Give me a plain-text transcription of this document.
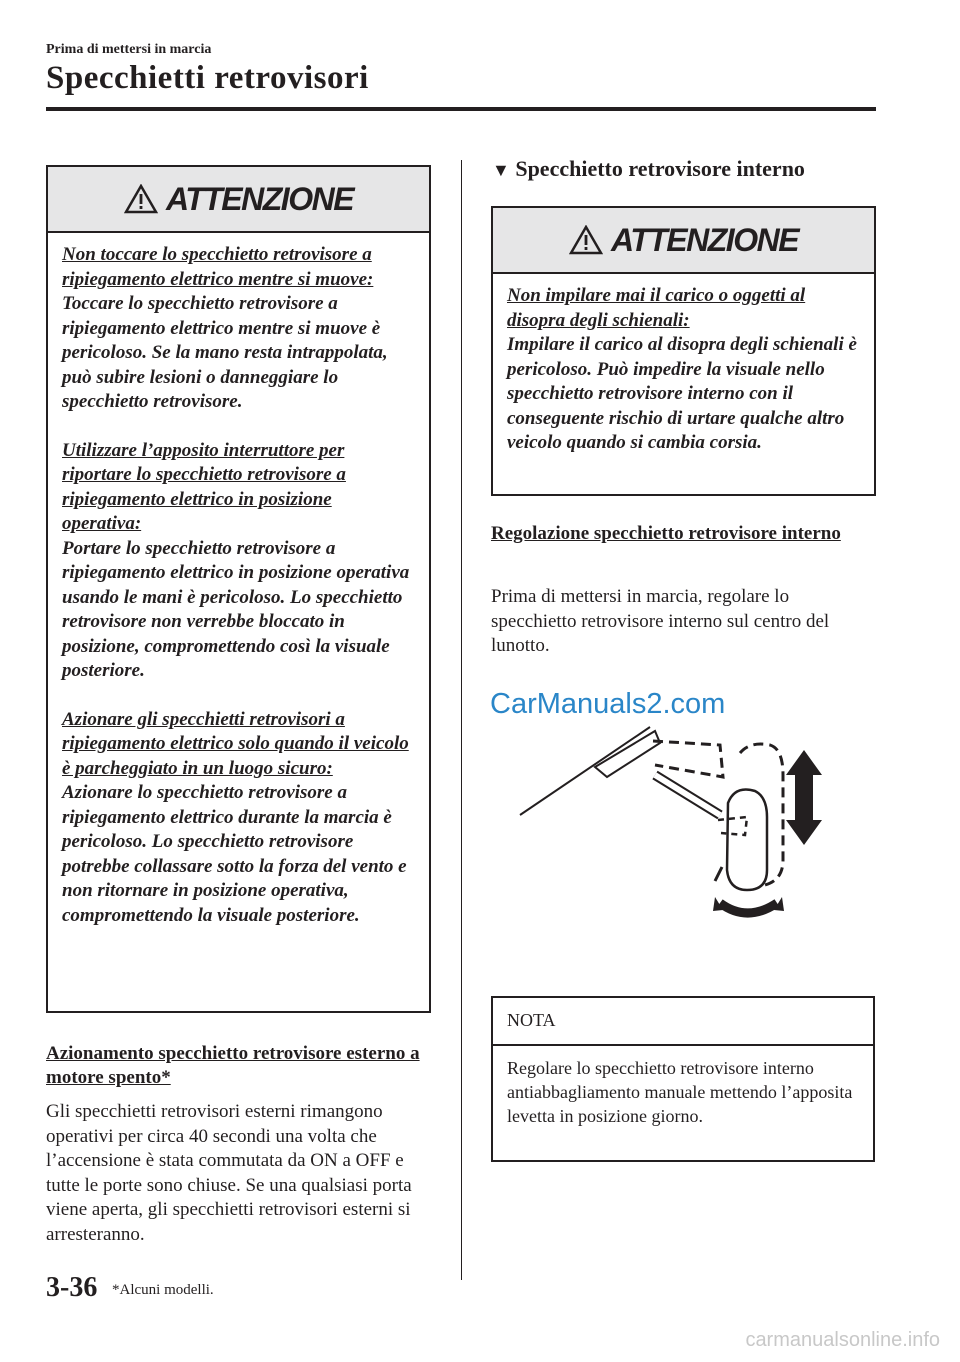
Prima di mettersi in marcia
Specchietti retrovisori
ATTENZIONE

Non toccare lo specchietto retrovisore a ripiegamento elettrico mentre si muove:
Toccare lo specchietto retrovisore a ripiegamento elettrico mentre si muove è pericoloso. Se la mano resta intrappolata, può subire lesioni o danneggiare lo specchietto retrovisore.

Utilizzare l’apposito interruttore per riportare lo specchietto retrovisore a ripiegamento elettrico in posizione operativa:
Portare lo specchietto retrovisore a ripiegamento elettrico in posizione operativa usando le mani è pericoloso. Lo specchietto retrovisore non verrebbe bloccato in posizione, compromettendo così la visuale posteriore.

Azionare gli specchietti retrovisori a ripiegamento elettrico solo quando il veicolo è parcheggiato in un luogo sicuro:
Azionare lo specchietto retrovisore a ripiegamento elettrico durante la marcia è pericoloso. Lo specchietto retrovisore potrebbe collassare sotto la forza del vento e non ritornare in posizione operativa, compromettendo la visuale posteriore.

Azionamento specchietto retrovisore esterno a motore spento*
Gli specchietti retrovisori esterni rimangono operativi per circa 40 secondi una volta che l’accensione è stata commutata da ON a OFF e tutte le porte sono chiuse. Se una qualsiasi porta viene aperta, gli specchietti retrovisori esterni si arresteranno.
▼ Specchietto retrovisore interno
ATTENZIONE

Non impilare mai il carico o oggetti al disopra degli schienali:
Impilare il carico al disopra degli schienali è pericoloso. Può impedire la visuale nello specchietto retrovisore interno con il conseguente rischio di urtare qualche altro veicolo quando si cambia corsia.

Regolazione specchietto retrovisore interno
Prima di mettersi in marcia, regolare lo specchietto retrovisore interno sul centro del lunotto.
CarManuals2.com
NOTA
Regolare lo specchietto retrovisore interno antiabbagliamento manuale mettendo l’apposita levetta in posizione giorno.
3-36 *Alcuni modelli.
carmanualsonline.info
